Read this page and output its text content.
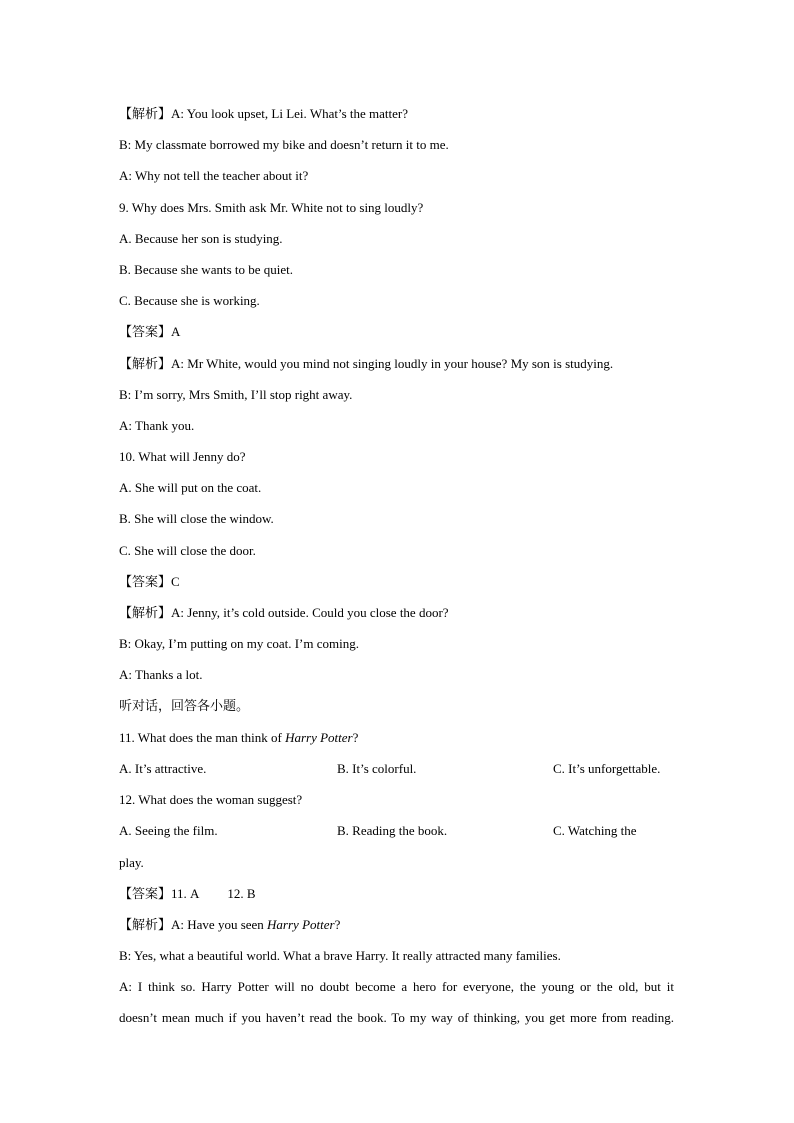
【解析】A: You look upset, Li Lei. What’s the matter?
B: My classmate borrowed my bike and doesn’t return it to me.
A: Why not tell the teacher about it?
9. Why does Mrs. Smith ask Mr. White not to sing loudly?
A. Because her son is studying.
B. Because she wants to be quiet.
C. Because she is working.
【答案】A
【解析】A: Mr White, would you mind not singing loudly in your house? My son is studying.
B: I’m sorry, Mrs Smith, I’ll stop right away.
A: Thank you.
10. What will Jenny do?
A. She will put on the coat.
B. She will close the window.
C. She will close the door.
【答案】C
【解析】A: Jenny, it’s cold outside. Could you close the door?
B: Okay, I’m putting on my coat. I’m coming.
A: Thanks a lot.
听对话，回答各小题。
11. What does the man think of Harry Potter?
A. It’s attractive.	B. It’s colorful.	C. It’s unforgettable.
12. What does the woman suggest?
A. Seeing the film.	B. Reading the book.	C. Watching the
play.
【答案】11. A 12. B
【解析】A: Have you seen Harry Potter?
B: Yes, what a beautiful world. What a brave Harry. It really attracted many families.
A: I think so. Harry Potter will no doubt become a hero for everyone, the young or the old, but it
doesn’t mean much if you haven’t read the book. To my way of thinking, you get more from reading.
